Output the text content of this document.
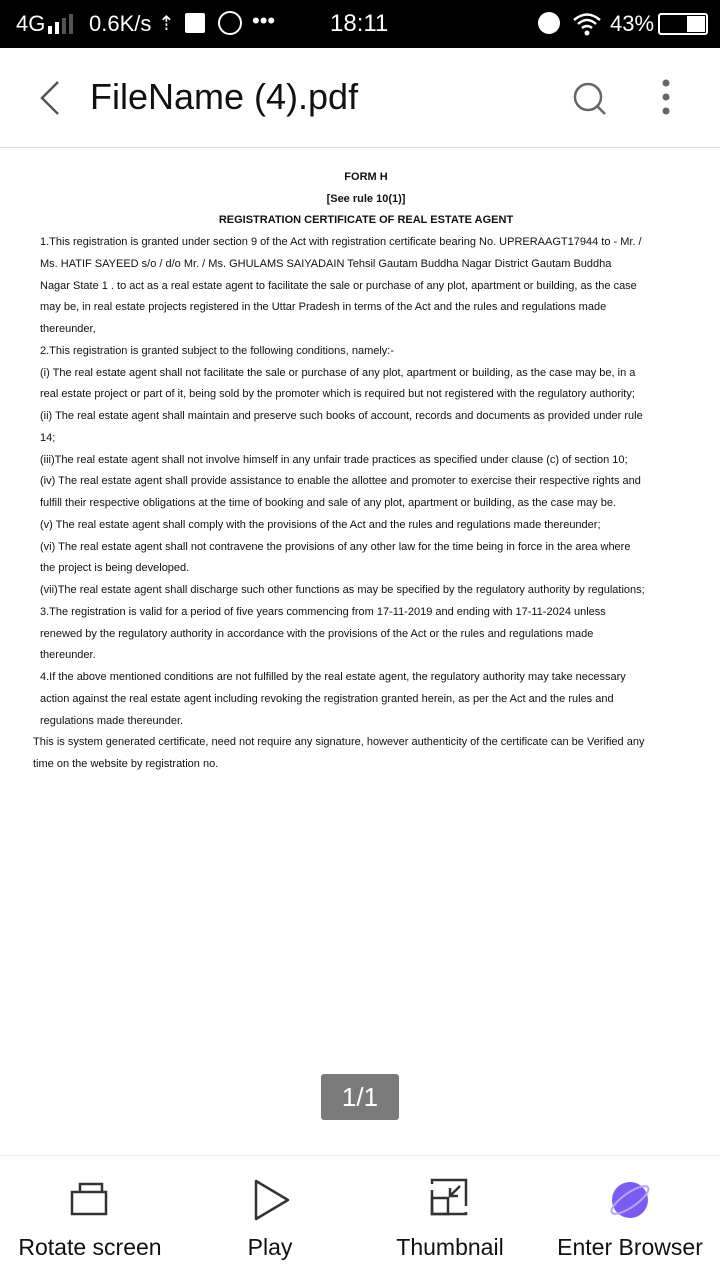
4G 0.6K/s ⇡	••• 18:11	43%
FileName (4).pdf
FORM H
[See rule 10(1)]
REGISTRATION CERTIFICATE OF REAL ESTATE AGENT
1.This registration is granted under section 9 of the Act with registration certificate bearing No. UPRERAAGT17944 to - Mr. /
Ms. HATIF SAYEED s/o / d/o Mr. / Ms. GHULAMS SAIYADAIN Tehsil Gautam Buddha Nagar District Gautam Buddha
Nagar State 1 . to act as a real estate agent to facilitate the sale or purchase of any plot, apartment or building, as the case
may be, in real estate projects registered in the Uttar Pradesh in terms of the Act and the rules and regulations made
thereunder,
2.This registration is granted subject to the following conditions, namely:-
(i) The real estate agent shall not facilitate the sale or purchase of any plot, apartment or building, as the case may be, in a
real estate project or part of it, being sold by the promoter which is required but not registered with the regulatory authority;
(ii) The real estate agent shall maintain and preserve such books of account, records and documents as provided under rule
14;
(iii)The real estate agent shall not involve himself in any unfair trade practices as specified under clause (c) of section 10;
(iv) The real estate agent shall provide assistance to enable the allottee and promoter to exercise their respective rights and
fulfill their respective obligations at the time of booking and sale of any plot, apartment or building, as the case may be.
(v) The real estate agent shall comply with the provisions of the Act and the rules and regulations made thereunder;
(vi) The real estate agent shall not contravene the provisions of any other law for the time being in force in the area where
the project is being developed.
(vii)The real estate agent shall discharge such other functions as may be specified by the regulatory authority by regulations;
3.The registration is valid for a period of five years commencing from 17-11-2019 and ending with 17-11-2024 unless
renewed by the regulatory authority in accordance with the provisions of the Act or the rules and regulations made
thereunder.
4.If the above mentioned conditions are not fulfilled by the real estate agent, the regulatory authority may take necessary
action against the real estate agent including revoking the registration granted herein, as per the Act and the rules and
regulations made thereunder.
This is system generated certificate, need not require any signature, however authenticity of the certificate can be Verified any
time on the website by registration no.
1/1
Rotate screen	Play	Thumbnail	Enter Browser
